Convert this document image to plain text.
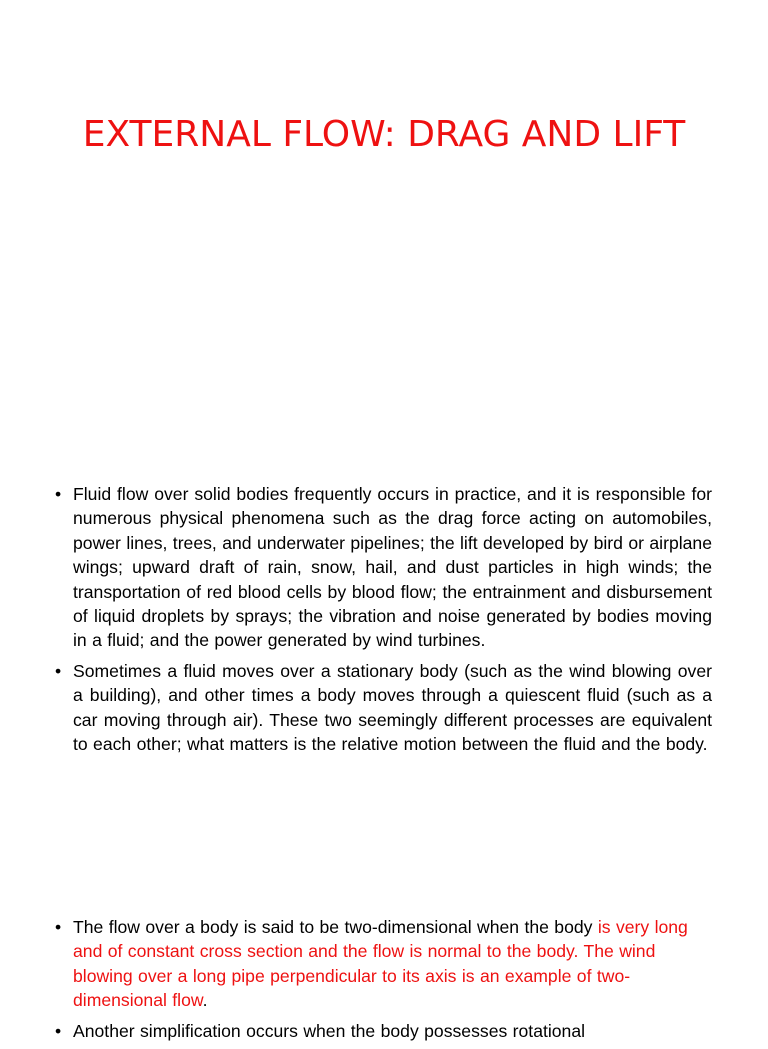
EXTERNAL FLOW: DRAG AND LIFT
• Fluid flow over solid bodies frequently occurs in practice, and it is responsible for numerous physical phenomena such as the drag force acting on automobiles, power lines, trees, and underwater pipelines; the lift developed by bird or airplane wings; upward draft of rain, snow, hail, and dust particles in high winds; the transportation of red blood cells by blood flow; the entrainment and disbursement of liquid droplets by sprays; the vibration and noise generated by bodies moving in a fluid; and the power generated by wind turbines.
• Sometimes a fluid moves over a stationary body (such as the wind blowing over a building), and other times a body moves through a quiescent fluid (such as a car moving through air). These two seemingly different processes are equivalent to each other; what matters is the relative motion between the fluid and the body.
• The flow over a body is said to be two-dimensional when the body is very long and of constant cross section and the flow is normal to the body. The wind blowing over a long pipe perpendicular to its axis is an example of two-dimensional flow.
• Another simplification occurs when the body possesses rotational
